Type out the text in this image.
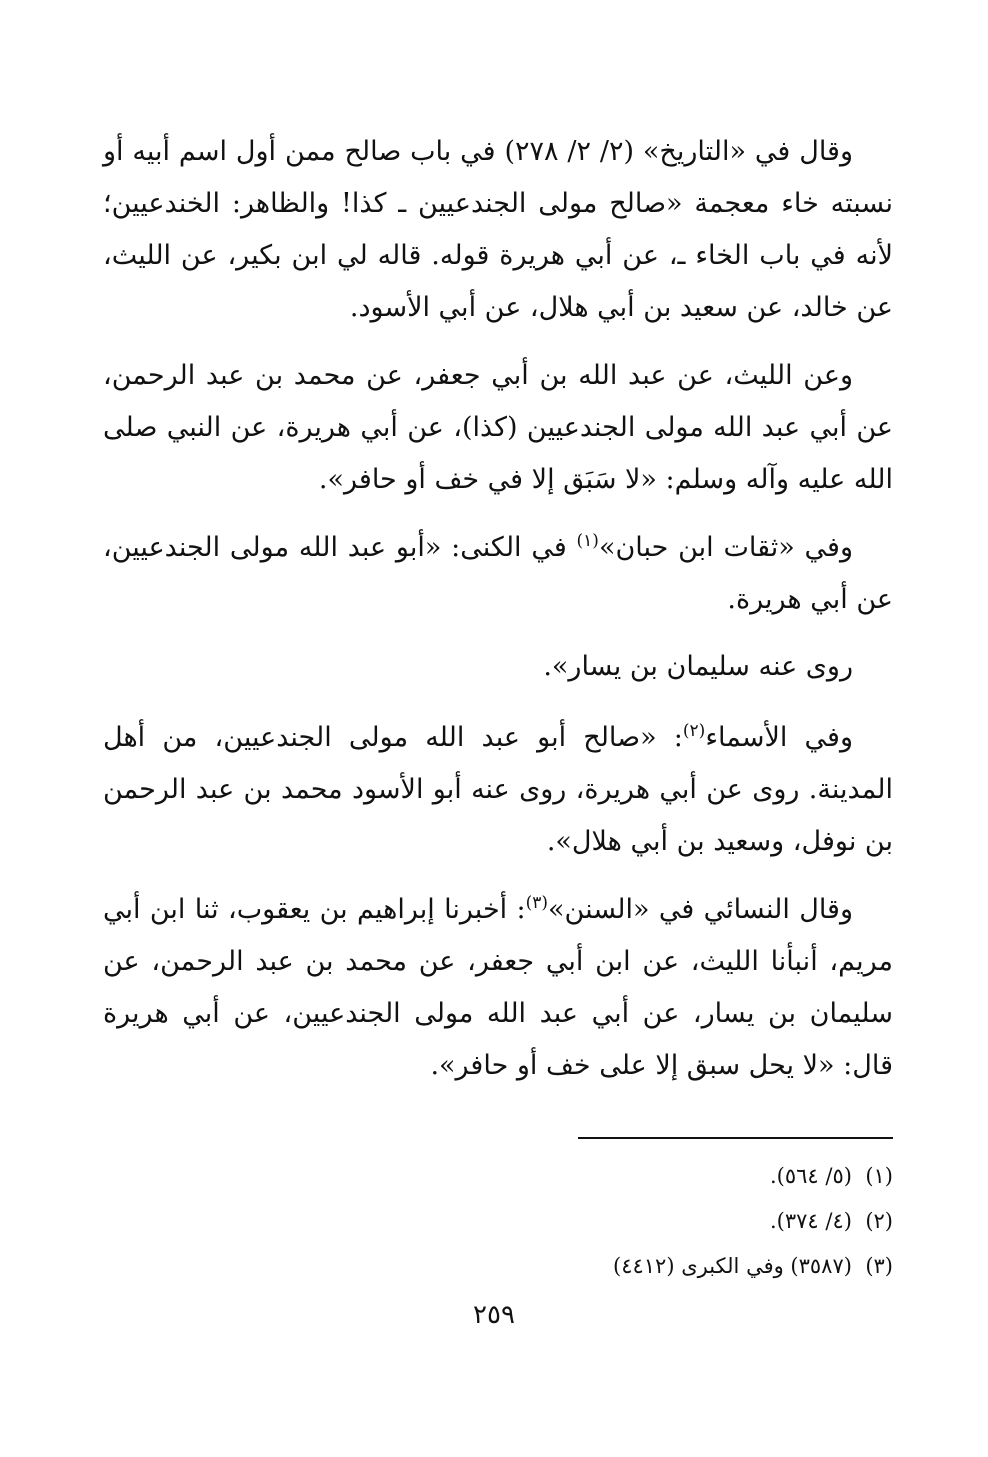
وقال في «التاريخ» (٢/ ٢/ ٢٧٨) في باب صالح ممن أول اسم أبيه أو نسبته خاء معجمة «صالح مولى الجندعيين ـ كذا! والظاهر: الخندعيين؛ لأنه في باب الخاء ـ، عن أبي هريرة قوله. قاله لي ابن بكير، عن الليث، عن خالد، عن سعيد بن أبي هلال، عن أبي الأسود.

وعن الليث، عن عبد الله بن أبي جعفر، عن محمد بن عبد الرحمن، عن أبي عبد الله مولى الجندعيين (كذا)، عن أبي هريرة، عن النبي صلى الله عليه وآله وسلم: «لا سَبَق إلا في خف أو حافر».

وفي «ثقات ابن حبان»$^{(١)}$ في الكنى: «أبو عبد الله مولى الجندعيين، عن أبي هريرة.

روى عنه سليمان بن يسار».

وفي الأسماء$^{(٢)}$: «صالح أبو عبد الله مولى الجندعيين، من أهل المدينة. روى عن أبي هريرة، روى عنه أبو الأسود محمد بن عبد الرحمن بن نوفل، وسعيد بن أبي هلال».

وقال النسائي في «السنن»$^{(٣)}$: أخبرنا إبراهيم بن يعقوب، ثنا ابن أبي مريم، أنبأنا الليث، عن ابن أبي جعفر، عن محمد بن عبد الرحمن، عن سليمان بن يسار، عن أبي عبد الله مولى الجندعيين، عن أبي هريرة قال: «لا يحل سبق إلا على خف أو حافر».

(١)  (٥/ ٥٦٤).

(٢)  (٤/ ٣٧٤).

(٣)  (٣٥٨٧) وفي الكبرى (٤٤١٢)

٢٥٩
